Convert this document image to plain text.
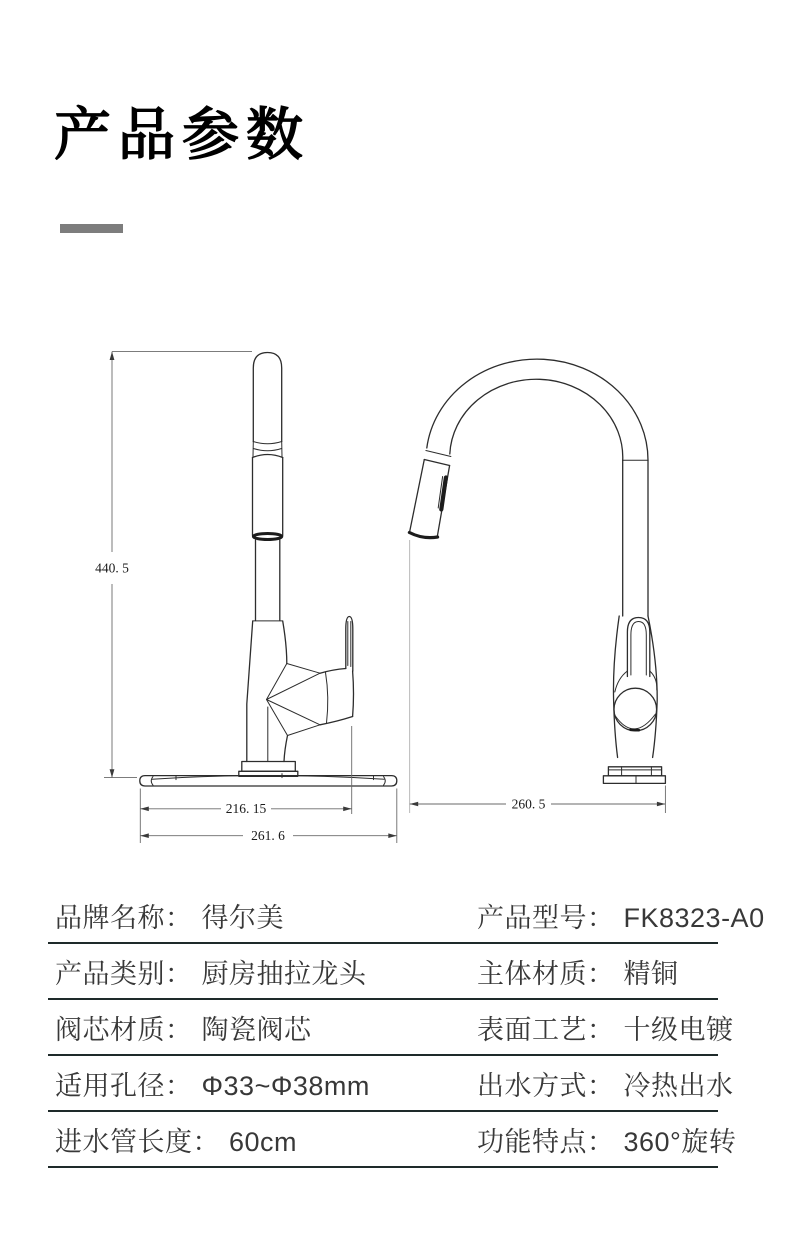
产品参数
440. 5
216. 15
261. 6
260. 5
品牌名称： 得尔美	产品型号： FK8323-A0
产品类别： 厨房抽拉龙头	主体材质： 精铜
阀芯材质： 陶瓷阀芯	表面工艺： 十级电镀
适用孔径： Φ33~Φ38mm	出水方式： 冷热出水
进水管长度： 60cm	功能特点： 360°旋转
